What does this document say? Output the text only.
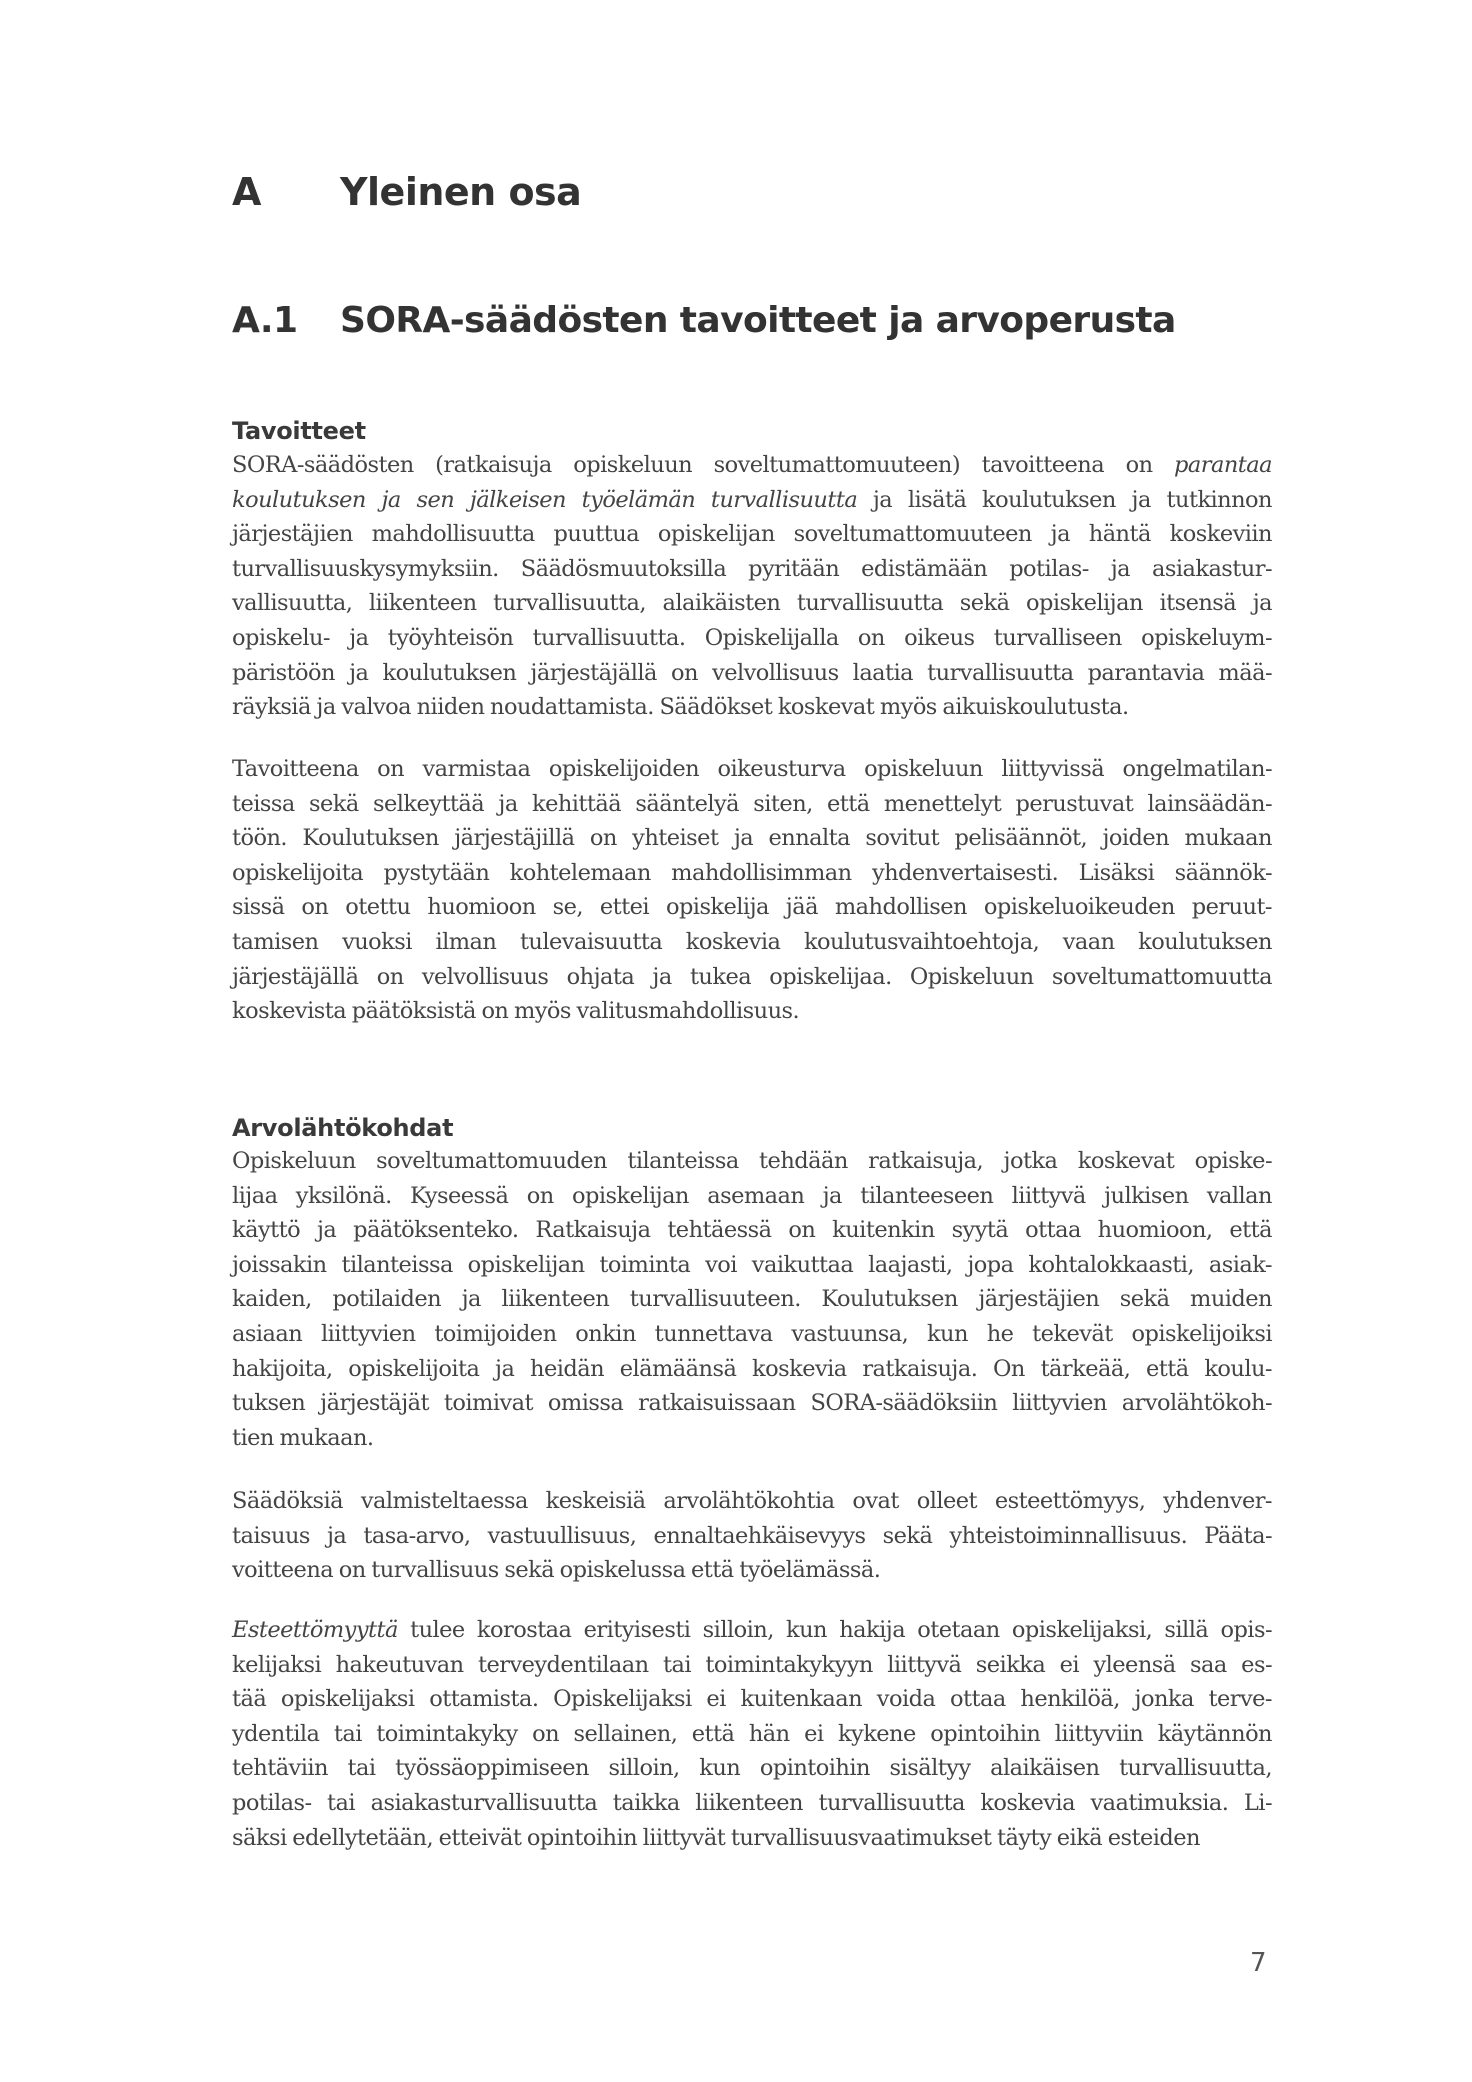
A Yleinen osa
A.1 SORA-säädösten tavoitteet ja arvoperusta
Tavoitteet
SORA-säädösten (ratkaisuja opiskeluun soveltumattomuuteen) tavoitteena on parantaa
koulutuksen ja sen jälkeisen työelämän turvallisuutta ja lisätä koulutuksen ja tutkinnon
järjestäjien mahdollisuutta puuttua opiskelijan soveltumattomuuteen ja häntä koskeviin
turvallisuuskysymyksiin. Säädösmuutoksilla pyritään edistämään potilas- ja asiakastur-
vallisuutta, liikenteen turvallisuutta, alaikäisten turvallisuutta sekä opiskelijan itsensä ja
opiskelu- ja työyhteisön turvallisuutta. Opiskelijalla on oikeus turvalliseen opiskeluym-
päristöön ja koulutuksen järjestäjällä on velvollisuus laatia turvallisuutta parantavia mää-
räyksiä ja valvoa niiden noudattamista. Säädökset koskevat myös aikuiskoulutusta.
Tavoitteena on varmistaa opiskelijoiden oikeusturva opiskeluun liittyvissä ongelmatilan-
teissa sekä selkeyttää ja kehittää sääntelyä siten, että menettelyt perustuvat lainsäädän-
töön. Koulutuksen järjestäjillä on yhteiset ja ennalta sovitut pelisäännöt, joiden mukaan
opiskelijoita pystytään kohtelemaan mahdollisimman yhdenvertaisesti. Lisäksi säännök-
sissä on otettu huomioon se, ettei opiskelija jää mahdollisen opiskeluoikeuden peruut-
tamisen vuoksi ilman tulevaisuutta koskevia koulutusvaihtoehtoja, vaan koulutuksen
järjestäjällä on velvollisuus ohjata ja tukea opiskelijaa. Opiskeluun soveltumattomuutta
koskevista päätöksistä on myös valitusmahdollisuus.
Arvolähtökohdat
Opiskeluun soveltumattomuuden tilanteissa tehdään ratkaisuja, jotka koskevat opiske-
lijaa yksilönä. Kyseessä on opiskelijan asemaan ja tilanteeseen liittyvä julkisen vallan
käyttö ja päätöksenteko. Ratkaisuja tehtäessä on kuitenkin syytä ottaa huomioon, että
joissakin tilanteissa opiskelijan toiminta voi vaikuttaa laajasti, jopa kohtalokkaasti, asiak-
kaiden, potilaiden ja liikenteen turvallisuuteen. Koulutuksen järjestäjien sekä muiden
asiaan liittyvien toimijoiden onkin tunnettava vastuunsa, kun he tekevät opiskelijoiksi
hakijoita, opiskelijoita ja heidän elämäänsä koskevia ratkaisuja. On tärkeää, että koulu-
tuksen järjestäjät toimivat omissa ratkaisuissaan SORA-säädöksiin liittyvien arvolähtökoh-
tien mukaan.
Säädöksiä valmisteltaessa keskeisiä arvolähtökohtia ovat olleet esteettömyys, yhdenver-
taisuus ja tasa-arvo, vastuullisuus, ennaltaehkäisevyys sekä yhteistoiminnallisuus. Päätа-
voitteena on turvallisuus sekä opiskelussa että työelämässä.
Esteettömyyttä tulee korostaa erityisesti silloin, kun hakija otetaan opiskelijaksi, sillä opis-
kelijaksi hakeutuvan terveydentilaan tai toimintakykyyn liittyvä seikka ei yleensä saa es-
tää opiskelijaksi ottamista. Opiskelijaksi ei kuitenkaan voida ottaa henkilöä, jonka terve-
ydentila tai toimintakyky on sellainen, että hän ei kykene opintoihin liittyviin käytännön
tehtäviin tai työssäoppimiseen silloin, kun opintoihin sisältyy alaikäisen turvallisuutta,
potilas- tai asiakasturvallisuutta taikka liikenteen turvallisuutta koskevia vaatimuksia. Li-
säksi edellytetään, etteivät opintoihin liittyvät turvallisuusvaatimukset täyty eikä esteiden
7
